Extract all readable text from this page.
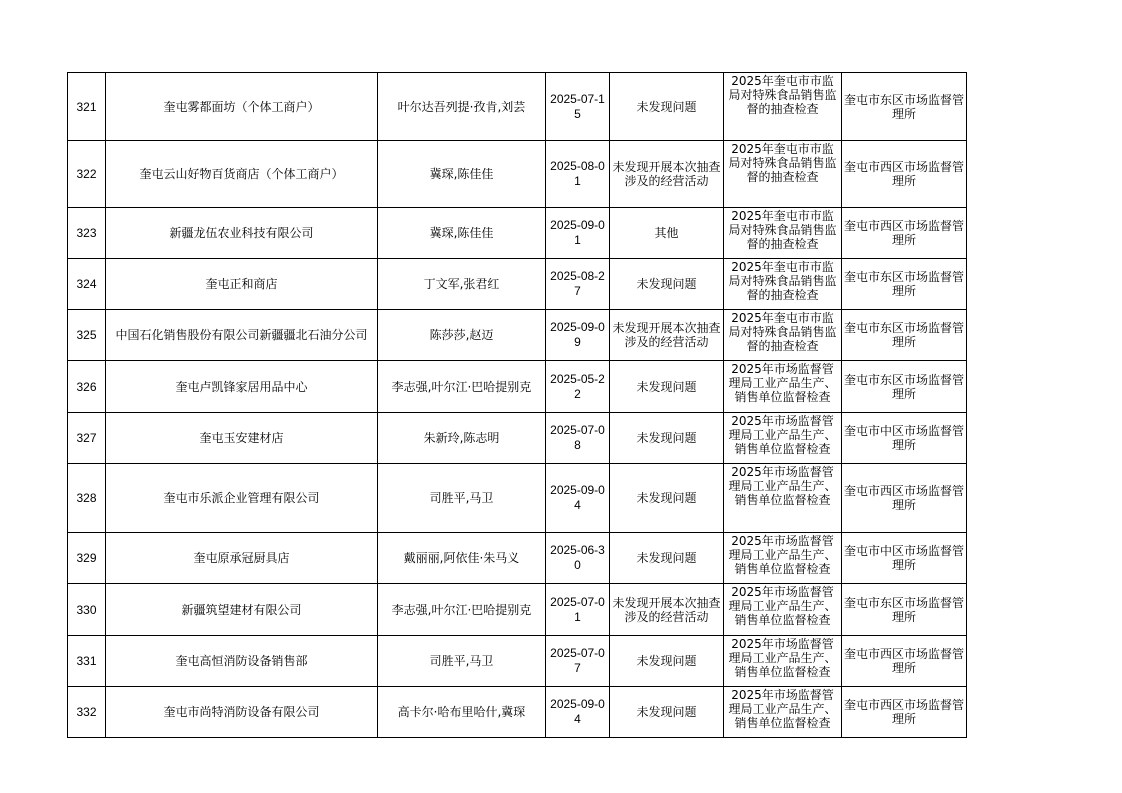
321	奎屯雾都面坊（个体工商户）	叶尔达吾列提·孜肯,刘芸	2025-07-15	未发现问题	2025年奎屯市市监局对特殊食品销售监督的抽查检查	奎屯市东区市场监督管理所
322	奎屯云山好物百货商店（个体工商户）	冀琛,陈佳佳	2025-08-01	未发现开展本次抽查涉及的经营活动	2025年奎屯市市监局对特殊食品销售监督的抽查检查	奎屯市西区市场监督管理所
323	新疆龙伍农业科技有限公司	冀琛,陈佳佳	2025-09-01	其他	2025年奎屯市市监局对特殊食品销售监督的抽查检查	奎屯市西区市场监督管理所
324	奎屯正和商店	丁文军,张君红	2025-08-27	未发现问题	2025年奎屯市市监局对特殊食品销售监督的抽查检查	奎屯市东区市场监督管理所
325	中国石化销售股份有限公司新疆疆北石油分公司	陈莎莎,赵迈	2025-09-09	未发现开展本次抽查涉及的经营活动	2025年奎屯市市监局对特殊食品销售监督的抽查检查	奎屯市东区市场监督管理所
326	奎屯卢凯锋家居用品中心	李志强,叶尔江·巴哈提别克	2025-05-22	未发现问题	2025年市场监督管理局工业产品生产、销售单位监督检查	奎屯市东区市场监督管理所
327	奎屯玉安建材店	朱新玲,陈志明	2025-07-08	未发现问题	2025年市场监督管理局工业产品生产、销售单位监督检查	奎屯市中区市场监督管理所
328	奎屯市乐派企业管理有限公司	司胜平,马卫	2025-09-04	未发现问题	2025年市场监督管理局工业产品生产、销售单位监督检查	奎屯市西区市场监督管理所
329	奎屯原承冠厨具店	戴丽丽,阿依佳·朱马义	2025-06-30	未发现问题	2025年市场监督管理局工业产品生产、销售单位监督检查	奎屯市中区市场监督管理所
330	新疆筑望建材有限公司	李志强,叶尔江·巴哈提别克	2025-07-01	未发现开展本次抽查涉及的经营活动	2025年市场监督管理局工业产品生产、销售单位监督检查	奎屯市东区市场监督管理所
331	奎屯高恒消防设备销售部	司胜平,马卫	2025-07-07	未发现问题	2025年市场监督管理局工业产品生产、销售单位监督检查	奎屯市西区市场监督管理所
332	奎屯市尚特消防设备有限公司	高卡尔·哈布里哈什,冀琛	2025-09-04	未发现问题	2025年市场监督管理局工业产品生产、销售单位监督检查	奎屯市西区市场监督管理所
